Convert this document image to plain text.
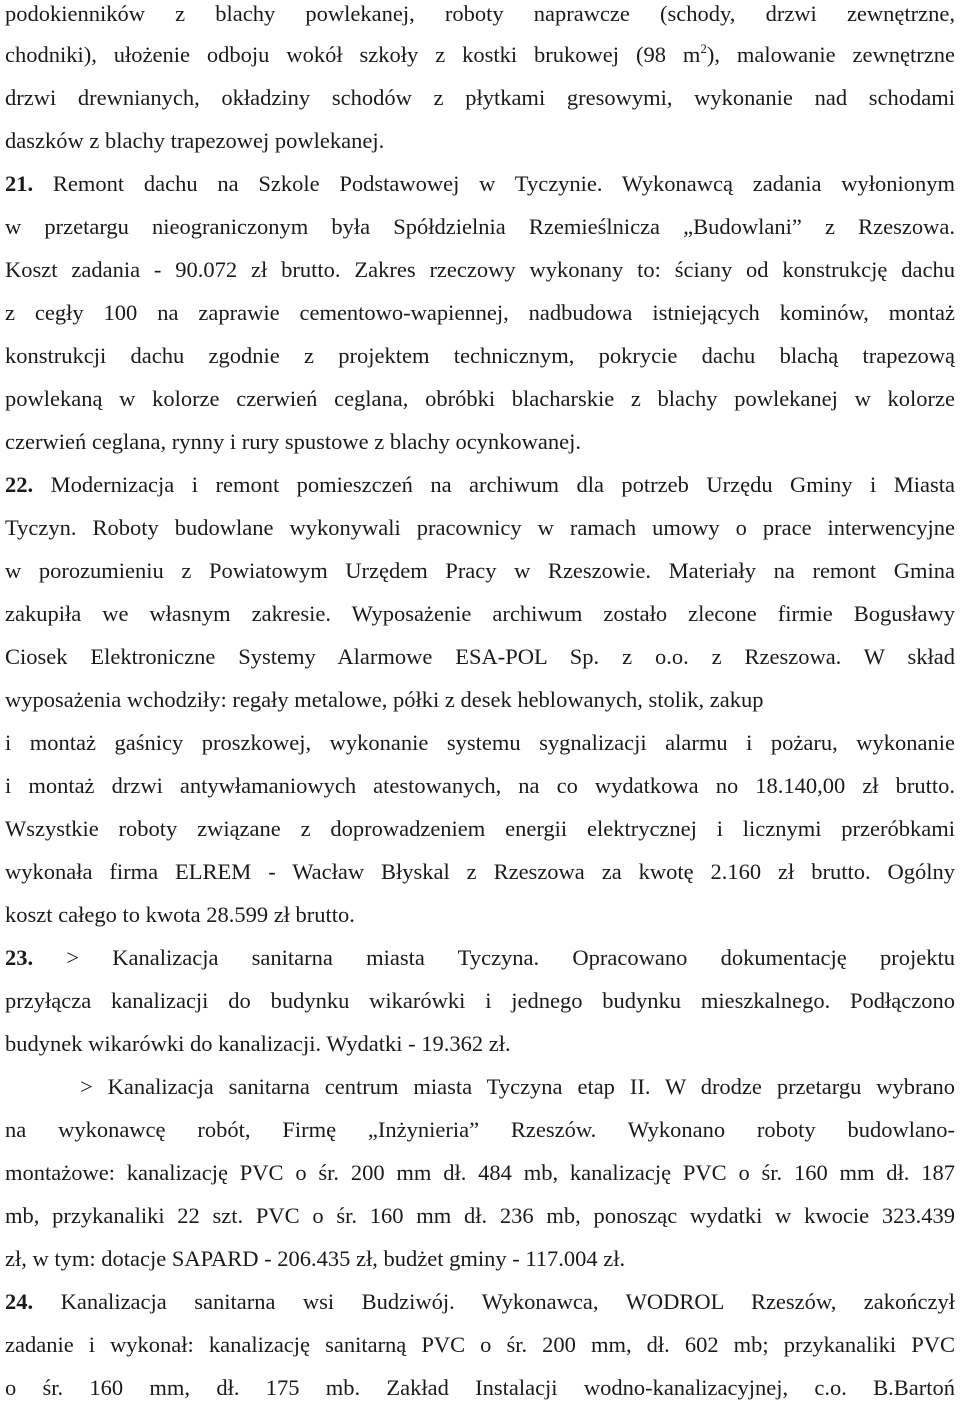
podokienników z blachy powlekanej, roboty naprawcze (schody, drzwi zewnętrzne,
chodniki), ułożenie odboju wokół szkoły z kostki brukowej (98 $m^2$), malowanie zewnętrzne
drzwi drewnianych, okładziny schodów z płytkami gresowymi, wykonanie nad schodami
daszków z blachy trapezowej powlekanej.
21. Remont dachu na Szkole Podstawowej w Tyczynie. Wykonawcą zadania wyłonionym
w przetargu nieograniczonym była Spółdzielnia Rzemieślnicza „Budowlani” z Rzeszowa.
Koszt zadania - 90.072 zł brutto. Zakres rzeczowy wykonany to: ściany od konstrukcję dachu
z cegły 100 na zaprawie cementowo-wapiennej, nadbudowa istniejących kominów, montaż
konstrukcji dachu zgodnie z projektem technicznym, pokrycie dachu blachą trapezową
powlekaną w kolorze czerwień ceglana, obróbki blacharskie z blachy powlekanej w kolorze
czerwień ceglana, rynny i rury spustowe z blachy ocynkowanej.
22. Modernizacja i remont pomieszczeń na archiwum dla potrzeb Urzędu Gminy i Miasta
Tyczyn. Roboty budowlane wykonywali pracownicy w ramach umowy o prace interwencyjne
w porozumieniu z Powiatowym Urzędem Pracy w Rzeszowie. Materiały na remont Gmina
zakupiła we własnym zakresie. Wyposażenie archiwum zostało zlecone firmie Bogusławy
Ciosek Elektroniczne Systemy Alarmowe ESA-POL Sp. z o.o. z Rzeszowa. W skład
wyposażenia wchodziły: regały metalowe, półki z desek heblowanych, stolik, zakup
i montaż gaśnicy proszkowej, wykonanie systemu sygnalizacji alarmu i pożaru, wykonanie
i montaż drzwi antywłamaniowych atestowanych, na co wydatkowa no 18.140,00 zł brutto.
Wszystkie roboty związane z doprowadzeniem energii elektrycznej i licznymi przeróbkami
wykonała firma ELREM - Wacław Błyskal z Rzeszowa za kwotę 2.160 zł brutto. Ogólny
koszt całego to kwota 28.599 zł brutto.
23. > Kanalizacja sanitarna miasta Tyczyna. Opracowano dokumentację projektu
przyłącza kanalizacji do budynku wikarówki i jednego budynku mieszkalnego. Podłączono
budynek wikarówki do kanalizacji. Wydatki - 19.362 zł.
> Kanalizacja sanitarna centrum miasta Tyczyna etap II. W drodze przetargu wybrano
na wykonawcę robót, Firmę „Inżynieria” Rzeszów. Wykonano roboty budowlano-
montażowe: kanalizację PVC o śr. 200 mm dł. 484 mb, kanalizację PVC o śr. 160 mm dł. 187
mb, przykanaliki 22 szt. PVC o śr. 160 mm dł. 236 mb, ponosząc wydatki w kwocie 323.439
zł, w tym: dotacje SAPARD - 206.435 zł, budżet gminy - 117.004 zł.
24. Kanalizacja sanitarna wsi Budziwój. Wykonawca, WODROL Rzeszów, zakończył
zadanie i wykonał: kanalizację sanitarną PVC o śr. 200 mm, dł. 602 mb; przykanaliki PVC
o śr. 160 mm, dł. 175 mb. Zakład Instalacji wodno-kanalizacyjnej, c.o. B.Bartoń
